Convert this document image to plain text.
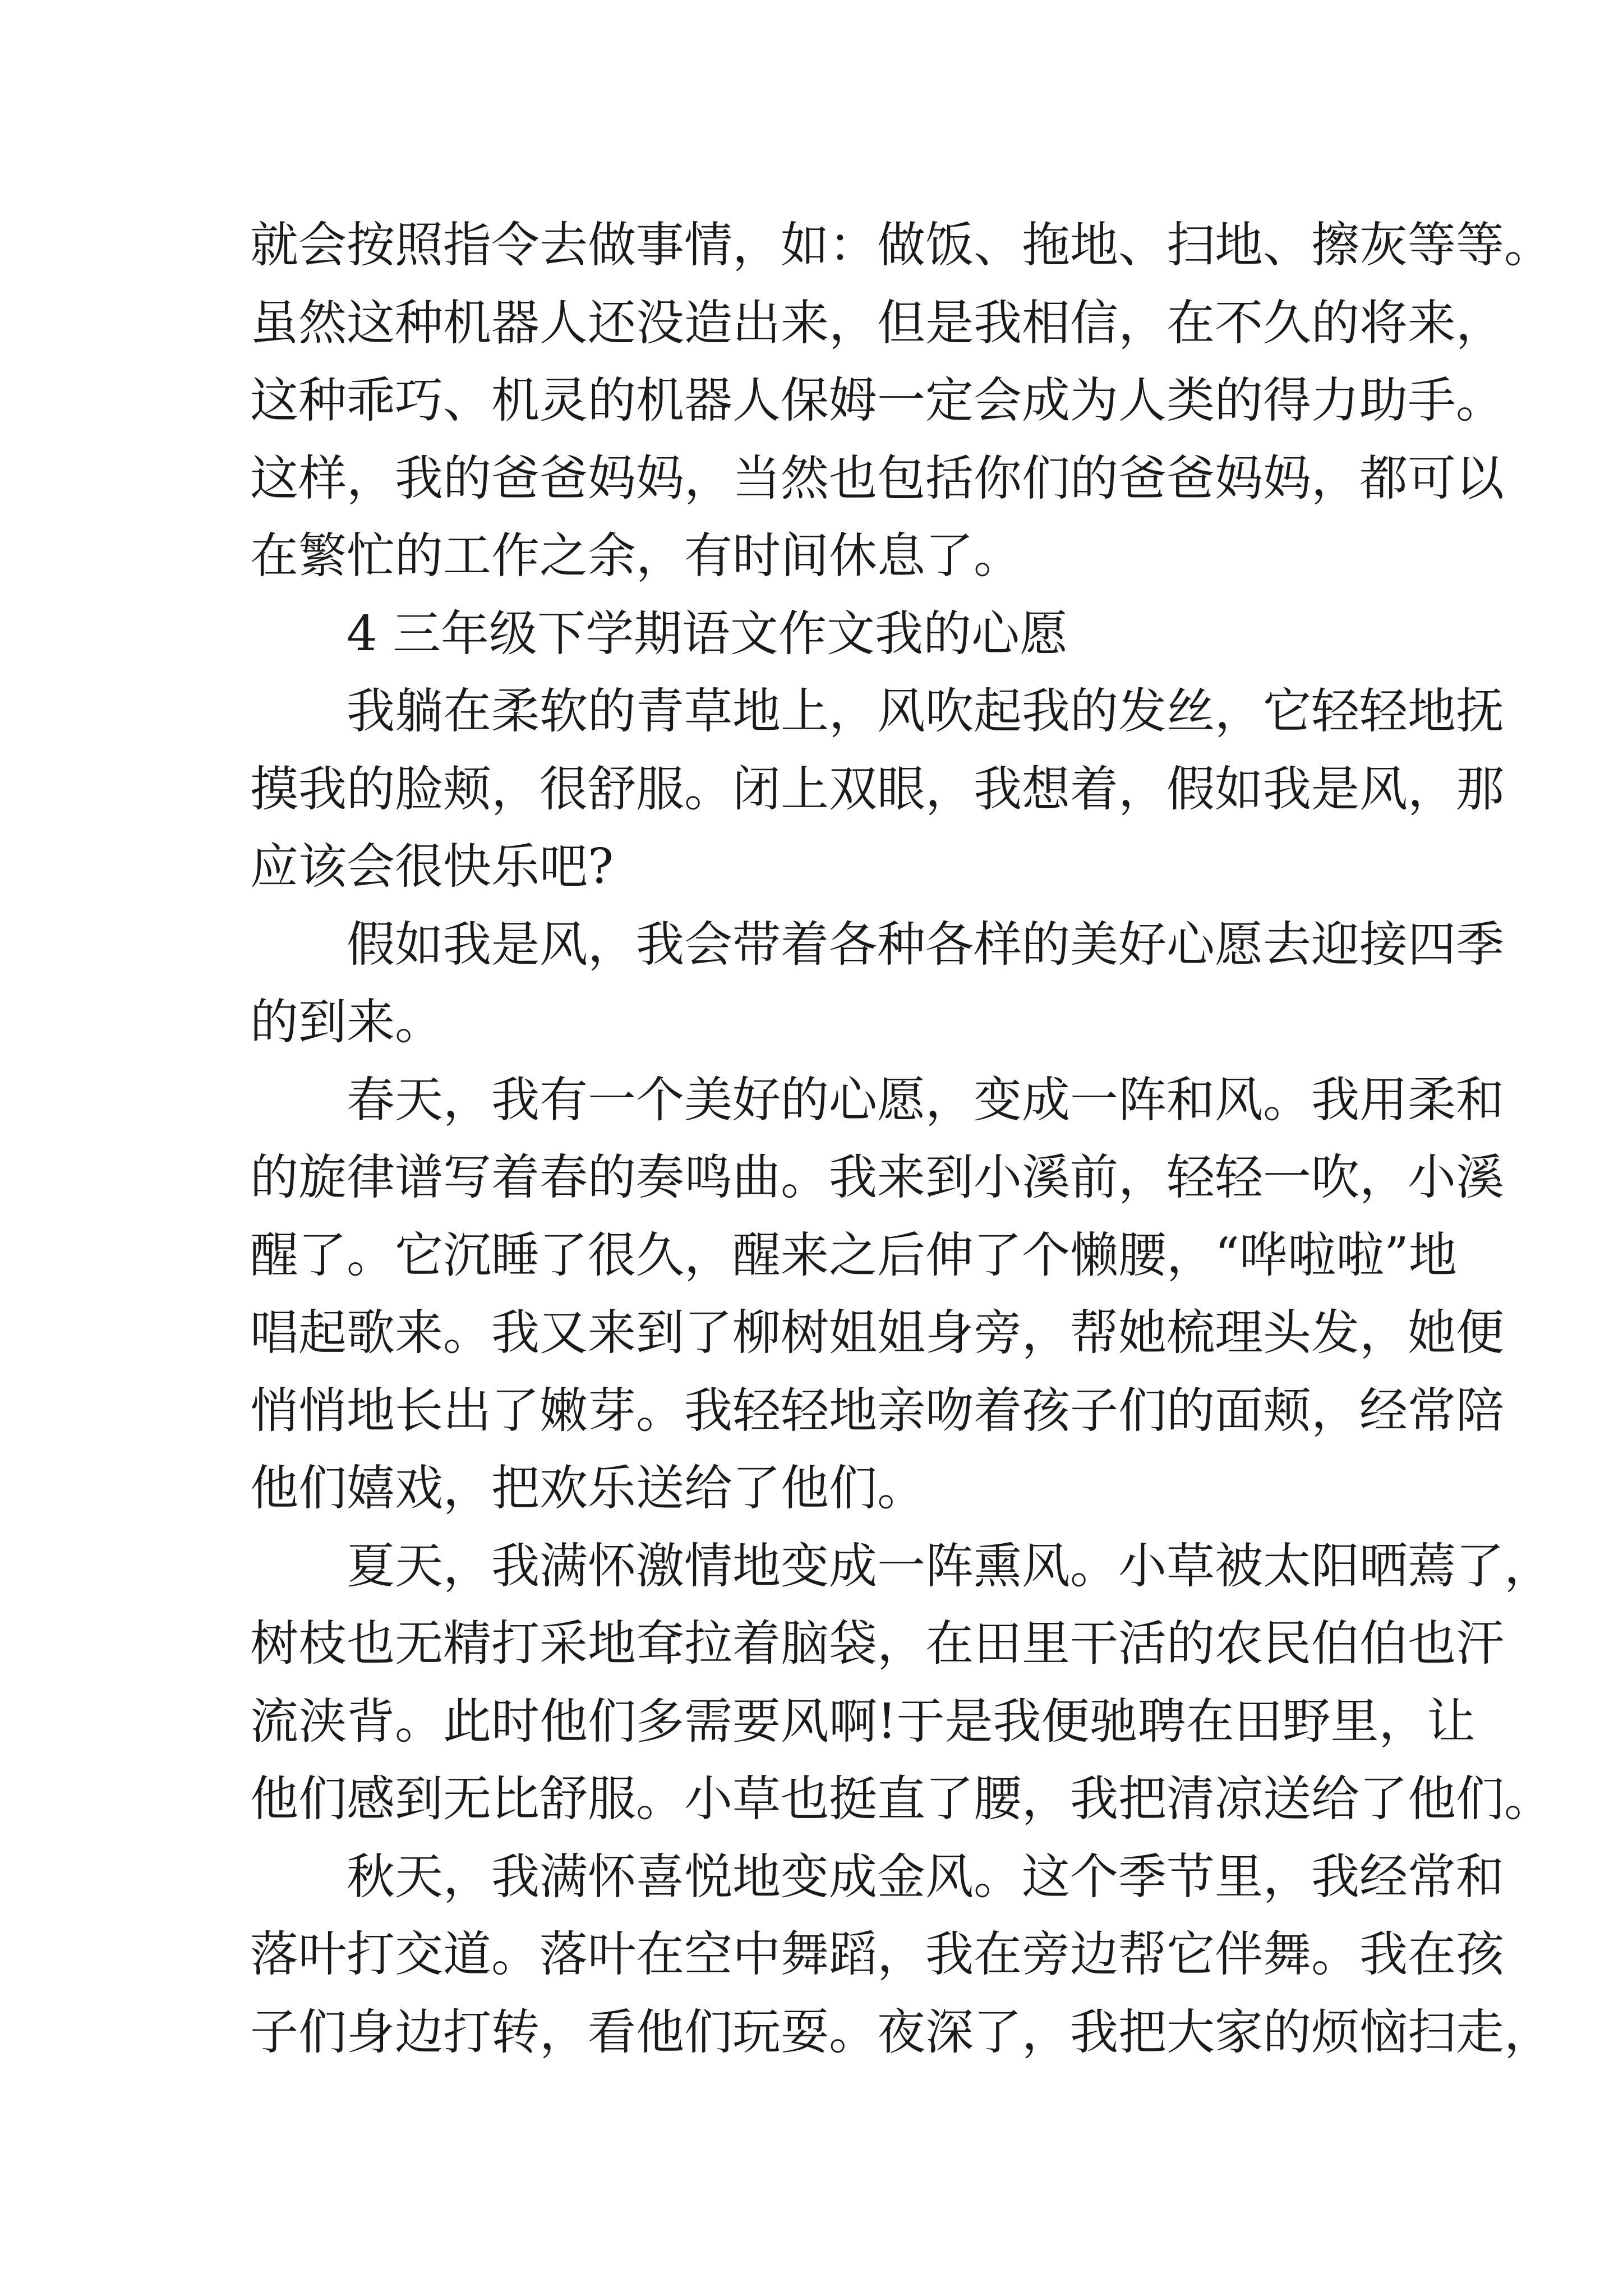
就会按照指令去做事情，如：做饭、拖地、扫地、擦灰等等。
虽然这种机器人还没造出来，但是我相信，在不久的将来，
这种乖巧、机灵的机器人保姆一定会成为人类的得力助手。
这样，我的爸爸妈妈，当然也包括你们的爸爸妈妈，都可以
在繁忙的工作之余，有时间休息了。
4 三年级下学期语文作文我的心愿
我躺在柔软的青草地上，风吹起我的发丝，它轻轻地抚
摸我的脸颊，很舒服。闭上双眼，我想着，假如我是风，那
应该会很快乐吧?
假如我是风，我会带着各种各样的美好心愿去迎接四季
的到来。
春天，我有一个美好的心愿，变成一阵和风。我用柔和
的旋律谱写着春的奏鸣曲。我来到小溪前，轻轻一吹，小溪
醒了。它沉睡了很久，醒来之后伸了个懒腰，“哗啦啦”地
唱起歌来。我又来到了柳树姐姐身旁，帮她梳理头发，她便
悄悄地长出了嫩芽。我轻轻地亲吻着孩子们的面颊，经常陪
他们嬉戏，把欢乐送给了他们。
夏天，我满怀激情地变成一阵熏风。小草被太阳晒蔫了，
树枝也无精打采地耷拉着脑袋，在田里干活的农民伯伯也汗
流浃背。此时他们多需要风啊!于是我便驰聘在田野里，让
他们感到无比舒服。小草也挺直了腰，我把清凉送给了他们。
秋天，我满怀喜悦地变成金风。这个季节里，我经常和
落叶打交道。落叶在空中舞蹈，我在旁边帮它伴舞。我在孩
子们身边打转，看他们玩耍。夜深了，我把大家的烦恼扫走，
